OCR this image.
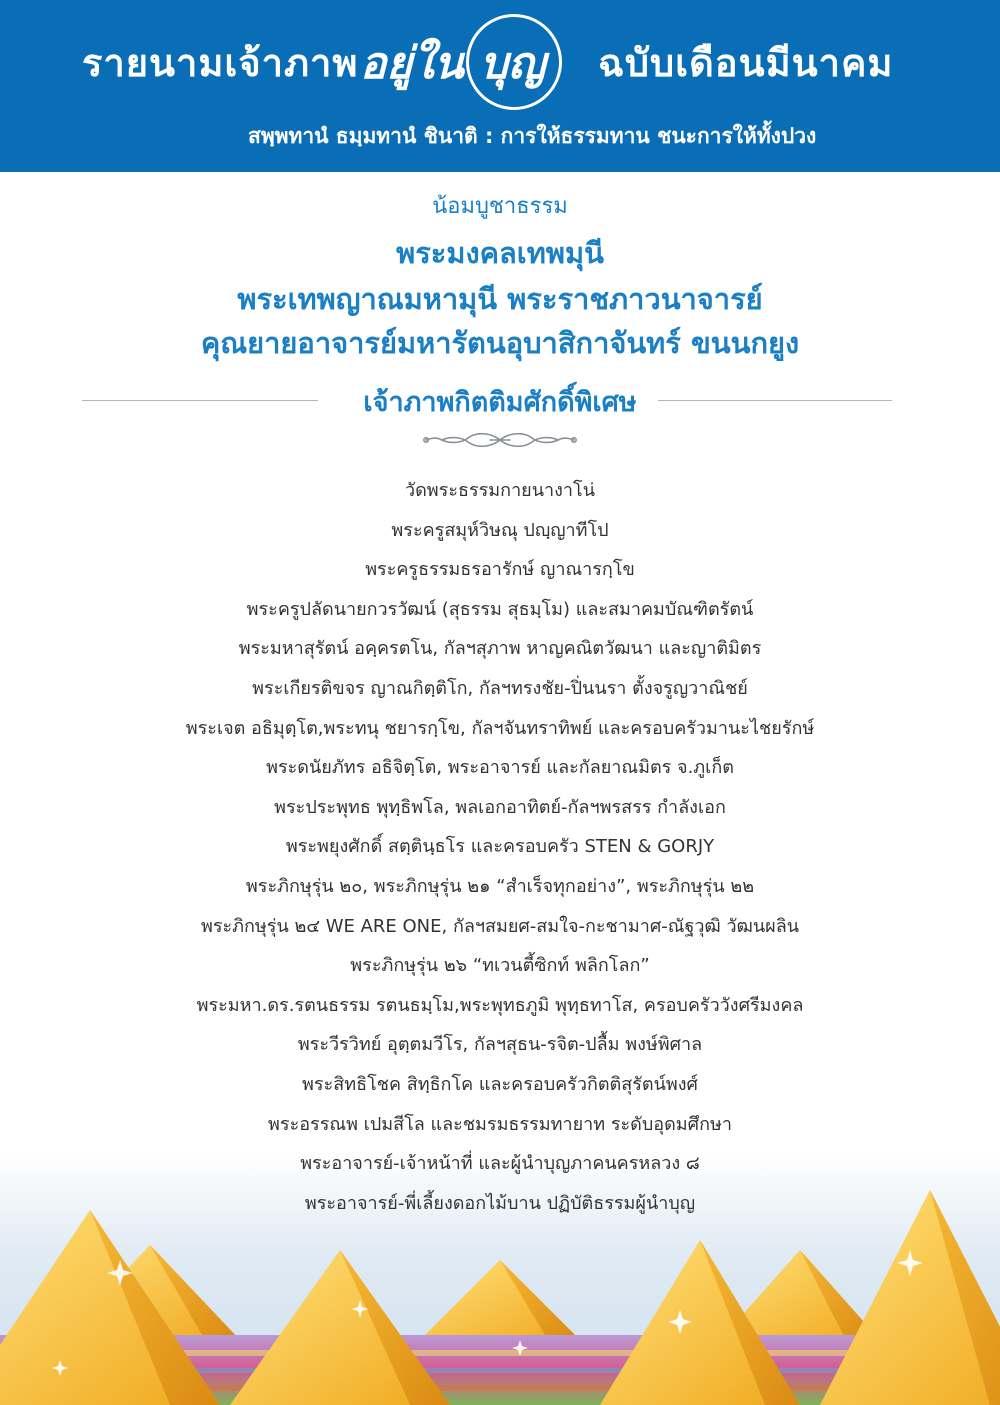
รายนามเจ้าภาพ อยู่ใน บุญ ฉบับเดือนมีนาคม
สพฺพทานํ ธมฺมทานํ ชินาติ : การให้ธรรมทาน ชนะการให้ทั้งปวง
น้อมบูชาธรรม
พระมงคลเทพมุนี
พระเทพญาณมหามุนี พระราชภาวนาจารย์
คุณยายอาจารย์มหารัตนอุบาสิกาจันทร์ ขนนกยูง
เจ้าภาพกิตติมศักดิ์พิเศษ
วัดพระธรรมกายนางาโน่
พระครูสมุห์วิษณุ ปญฺญาทีโป
พระครูธรรมธรอารักษ์ ญาณารกฺโข
พระครูปลัดนายกวรวัฒน์ (สุธรรม สุธมฺโม) และสมาคมบัณฑิตรัตน์
พระมหาสุรัตน์ อคฺครตโน, กัลฯสุภาพ หาญคณิตวัฒนา และญาติมิตร
พระเกียรติขจร ญาณกิตฺติโก, กัลฯทรงชัย-ปิ่นนรา ตั้งจรูญวาณิชย์
พระเจต อธิมุตฺโต,พระทนุ ชยารกฺโข, กัลฯจันทราทิพย์ และครอบครัวมานะไชยรักษ์
พระดนัยภัทร อธิจิตฺโต, พระอาจารย์ และกัลยาณมิตร จ.ภูเก็ต
พระประพุทธ พุทฺธิพโล, พลเอกอาทิตย์-กัลฯพรสรร กำลังเอก
พระพยุงศักดิ์ สตฺตินฺธโร และครอบครัว STEN & GORJY
พระภิกษุรุ่น ๒๐, พระภิกษุรุ่น ๒๑ “สำเร็จทุกอย่าง”, พระภิกษุรุ่น ๒๒
พระภิกษุรุ่น ๒๔ WE ARE ONE, กัลฯสมยศ-สมใจ-กะชามาศ-ณัฐวุฒิ วัฒนผลิน
พระภิกษุรุ่น ๒๖ “ทเวนตี้ซิกท์ พลิกโลก”
พระมหา.ดร.รตนธรรม รตนธมฺโม,พระพุทธภูมิ พุทฺธทาโส, ครอบครัววังศรีมงคล
พระวีรวิทย์ อุตฺตมวีโร, กัลฯสุธน-รจิต-ปลื้ม พงษ์พิศาล
พระสิทธิโชค สิทฺธิกโค และครอบครัวกิตติสุรัตน์พงศ์
พระอรรณพ เปมสีโล และชมรมธรรมทายาท ระดับอุดมศึกษา
พระอาจารย์-เจ้าหน้าที่ และผู้นำบุญภาคนครหลวง ๘
พระอาจารย์-พี่เลี้ยงดอกไม้บาน ปฏิบัติธรรมผู้นำบุญ
